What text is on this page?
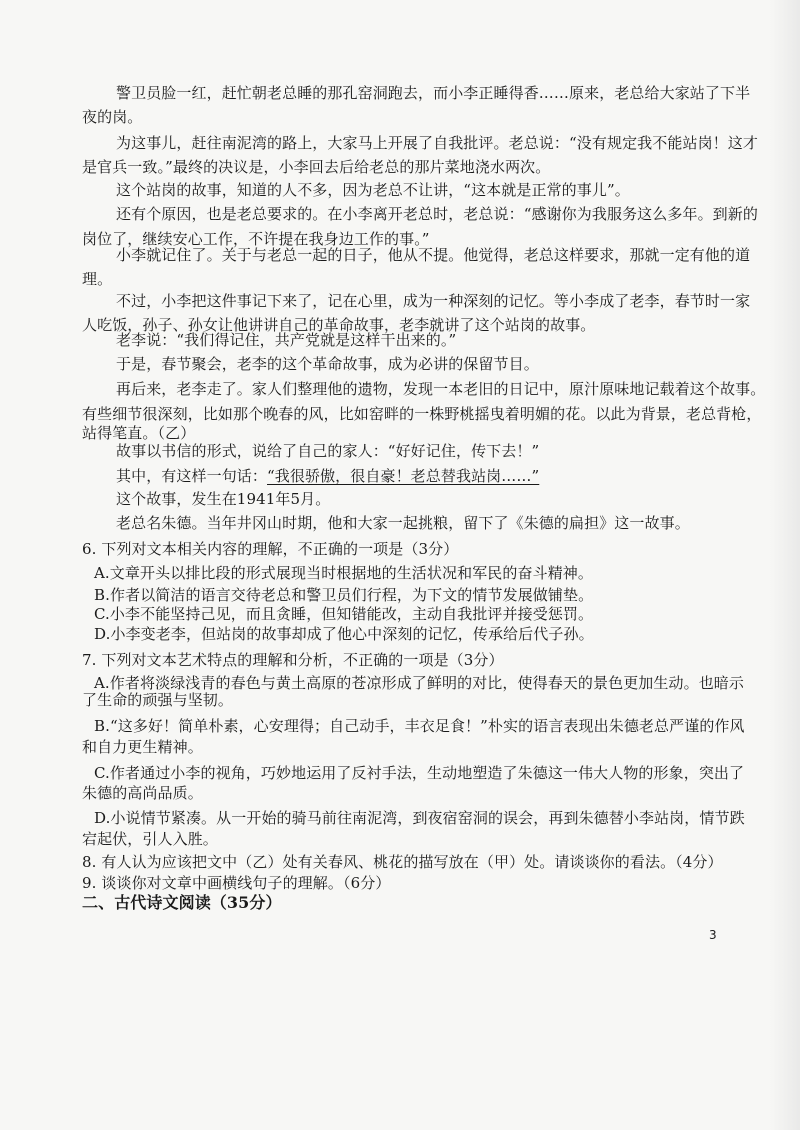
警卫员脸一红，赶忙朝老总睡的那孔窑洞跑去，而小李正睡得香……原来，老总给大家站了下半
夜的岗。
为这事儿，赶往南泥湾的路上，大家马上开展了自我批评。老总说：“没有规定我不能站岗！这才
是官兵一致。”最终的决议是，小李回去后给老总的那片菜地浇水两次。
这个站岗的故事，知道的人不多，因为老总不让讲，“这本就是正常的事儿”。
还有个原因，也是老总要求的。在小李离开老总时，老总说：“感谢你为我服务这么多年。到新的
岗位了，继续安心工作，不许提在我身边工作的事。”
小李就记住了。关于与老总一起的日子，他从不提。他觉得，老总这样要求，那就一定有他的道
理。
不过，小李把这件事记下来了，记在心里，成为一种深刻的记忆。等小李成了老李，春节时一家
人吃饭，孙子、孙女让他讲讲自己的革命故事，老李就讲了这个站岗的故事。
老李说：“我们得记住，共产党就是这样干出来的。”
于是，春节聚会，老李的这个革命故事，成为必讲的保留节目。
再后来，老李走了。家人们整理他的遗物，发现一本老旧的日记中，原汁原味地记载着这个故事。
有些细节很深刻，比如那个晚春的风，比如窑畔的一株野桃摇曳着明媚的花。以此为背景，老总背枪，
站得笔直。（乙）
故事以书信的形式，说给了自己的家人：“好好记住，传下去！”
其中，有这样一句话：“我很骄傲，很自豪！老总替我站岗……”
这个故事，发生在1941年5月。
老总名朱德。当年井冈山时期，他和大家一起挑粮，留下了《朱德的扁担》这一故事。
6. 下列对文本相关内容的理解，不正确的一项是（3分）
A.文章开头以排比段的形式展现当时根据地的生活状况和军民的奋斗精神。
B.作者以简洁的语言交待老总和警卫员们行程，为下文的情节发展做铺垫。
C.小李不能坚持己见，而且贪睡，但知错能改，主动自我批评并接受惩罚。
D.小李变老李，但站岗的故事却成了他心中深刻的记忆，传承给后代子孙。
7. 下列对文本艺术特点的理解和分析，不正确的一项是（3分）
A.作者将淡绿浅青的春色与黄土高原的苍凉形成了鲜明的对比，使得春天的景色更加生动。也暗示
了生命的顽强与坚韧。
B.“这多好！简单朴素，心安理得；自己动手，丰衣足食！”朴实的语言表现出朱德老总严谨的作风
和自力更生精神。
C.作者通过小李的视角，巧妙地运用了反衬手法，生动地塑造了朱德这一伟大人物的形象，突出了
朱德的高尚品质。
D.小说情节紧凑。从一开始的骑马前往南泥湾，到夜宿窑洞的误会，再到朱德替小李站岗，情节跌
宕起伏，引人入胜。
8. 有人认为应该把文中（乙）处有关春风、桃花的描写放在（甲）处。请谈谈你的看法。（4分）
9. 谈谈你对文章中画横线句子的理解。（6分）
二、古代诗文阅读（35分）
3
